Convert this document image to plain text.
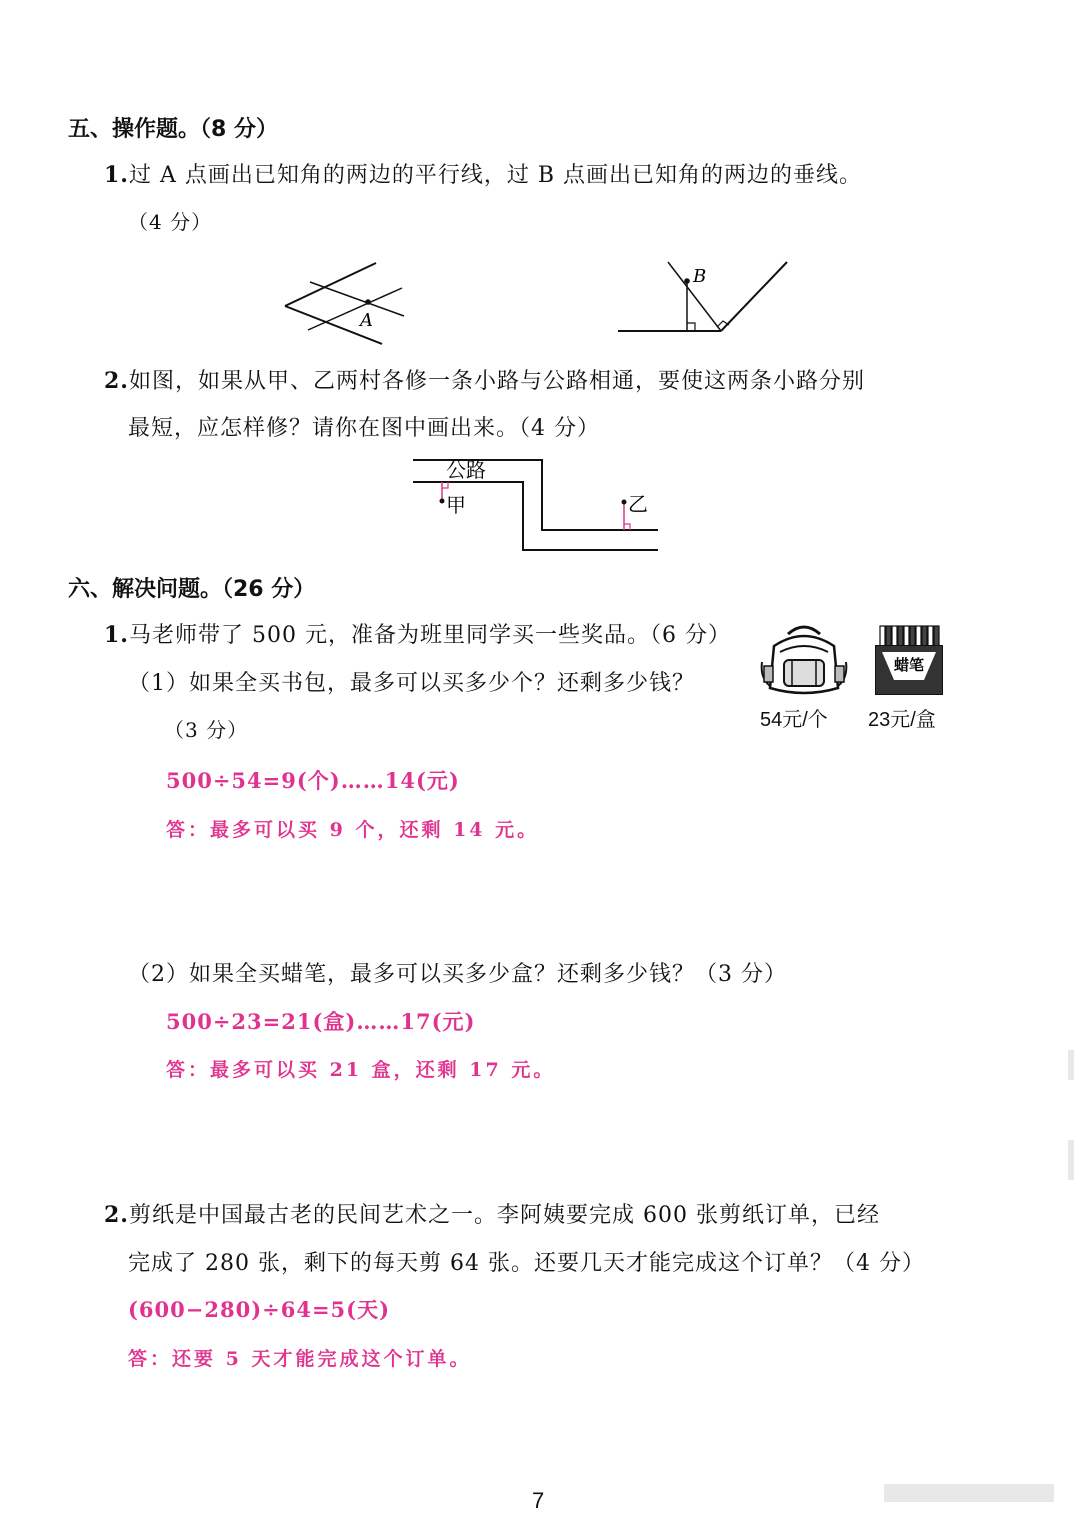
五、操作题。（8 分）
1.过 A 点画出已知角的两边的平行线，过 B 点画出已知角的两边的垂线。
（4 分）
A
B
2.如图，如果从甲、乙两村各修一条小路与公路相通，要使这两条小路分别
最短，应怎样修？请你在图中画出来。（4 分）
公路
甲	乙
六、解决问题。（26 分）
1.马老师带了 500 元，准备为班里同学买一些奖品。（6 分）
蜡笔
54元/个 23元/盒
（1）如果全买书包，最多可以买多少个？还剩多少钱？
（3 分）
500÷54=9(个)……14(元)
答：最多可以买 9 个，还剩 14 元。
（2）如果全买蜡笔，最多可以买多少盒？还剩多少钱？（3 分）
500÷23=21(盒)……17(元)
答：最多可以买 21 盒，还剩 17 元。
2.剪纸是中国最古老的民间艺术之一。李阿姨要完成 600 张剪纸订单，已经
完成了 280 张，剩下的每天剪 64 张。还要几天才能完成这个订单？（4 分）
(600−280)÷64=5(天)
答：还要 5 天才能完成这个订单。
7
